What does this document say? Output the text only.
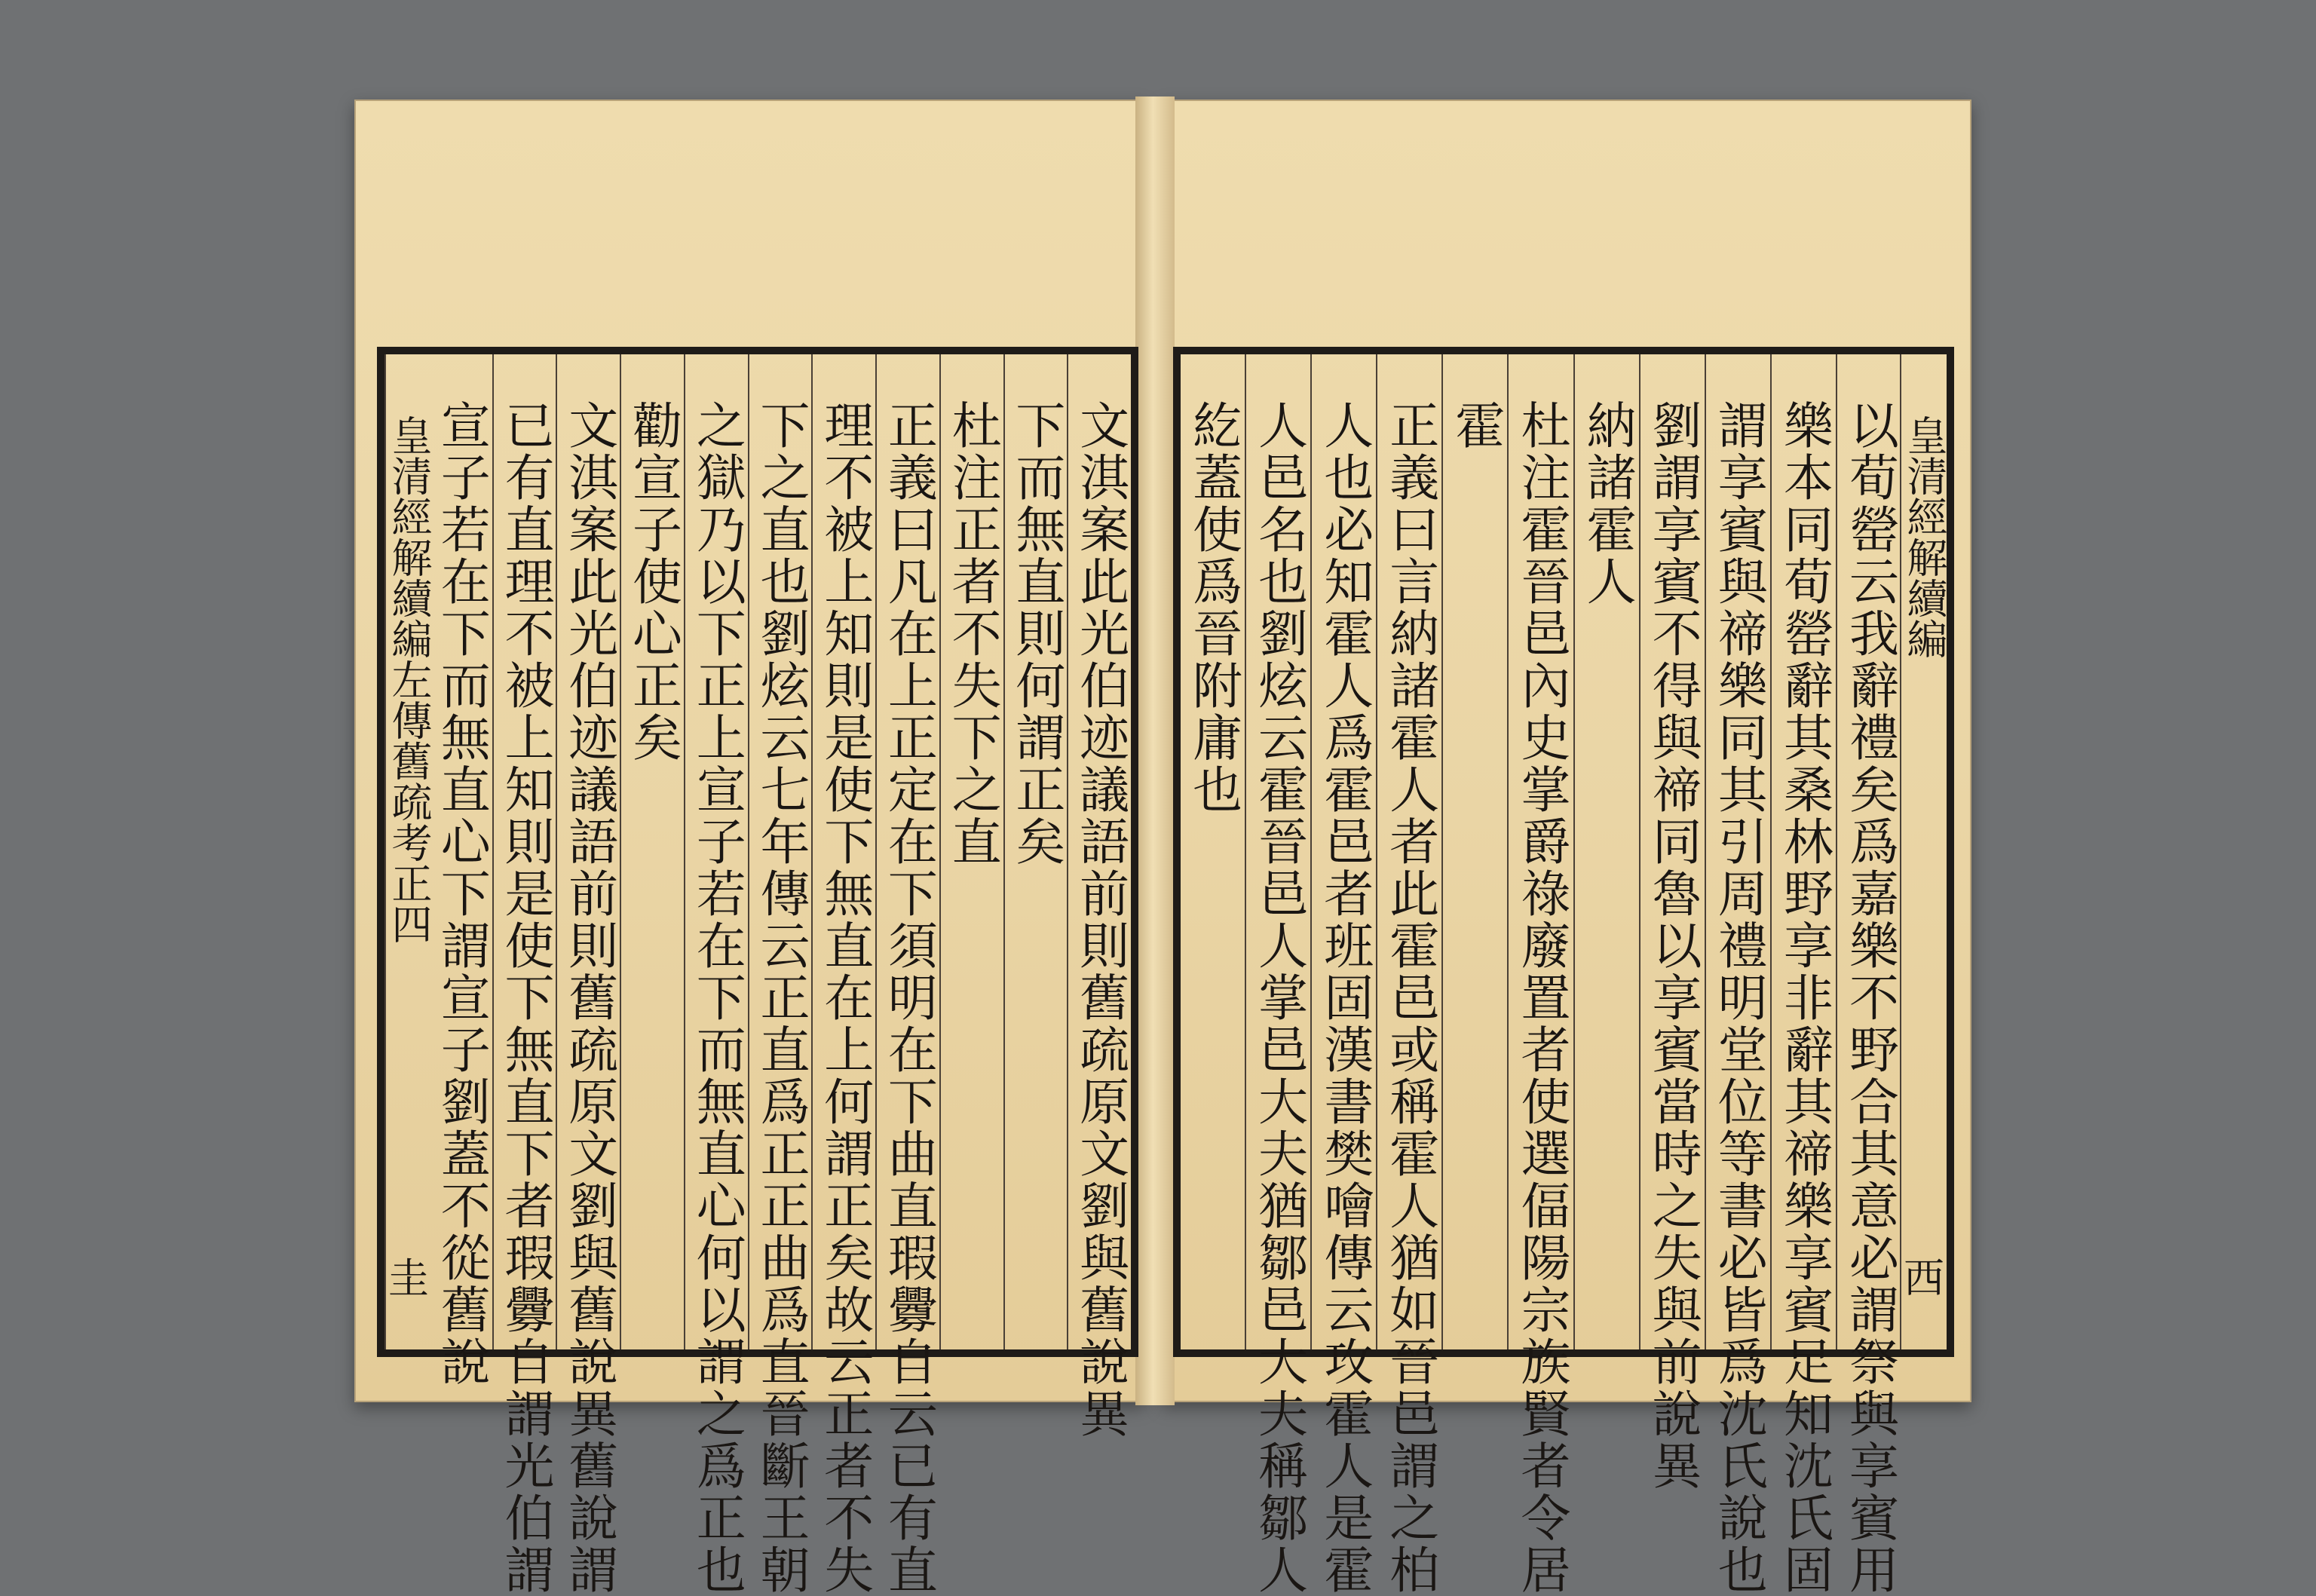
文淇案此光伯迹議語前則舊疏原文劉與舊說異
下而無直則何謂正矣
杜注正者不失下之直
正義曰凡在上正定在下須明在下曲直瑕釁自云已有直
理不被上知則是使下無直在上何謂正矣故云正者不失
下之直也劉炫云七年傳云正直爲正正曲爲直晉斷王朝
之獄乃以下正上宣子若在下而無直心何以謂之爲正也
勸宣子使心正矣
文淇案此光伯迹議語前則舊疏原文劉與舊說異舊說謂
已有直理不被上知則是使下無直下者瑕釁自謂光伯謂
宣子若在下而無直心下謂宣子劉蓋不從舊說
皇清經解續編左傳舊疏考正四
圭	以荀罃云我辭禮矣爲嘉樂不野合其意必謂祭與享賓用
樂本同荀罃辭其桑林野享非辭其禘樂享賓足知沈氏固
謂享賓與禘樂同其引周禮明堂位等書必皆爲沈氏說也
劉謂享賓不得與禘同魯以享賓當時之失與前說異
納諸霍人
杜注霍晉邑內史掌爵祿廢置者使選偪陽宗族賢者令居
霍
正義曰言納諸霍人者此霍邑或稱霍人猶如晉邑謂之柏
人也必知霍人爲霍邑者班固漢書樊噲傳云攻霍人是霍
人邑名也劉炫云霍晉邑人掌邑大夫猶鄒邑大夫稱鄒人
紇蓋使爲晉附庸也	皇清經解續編
西
